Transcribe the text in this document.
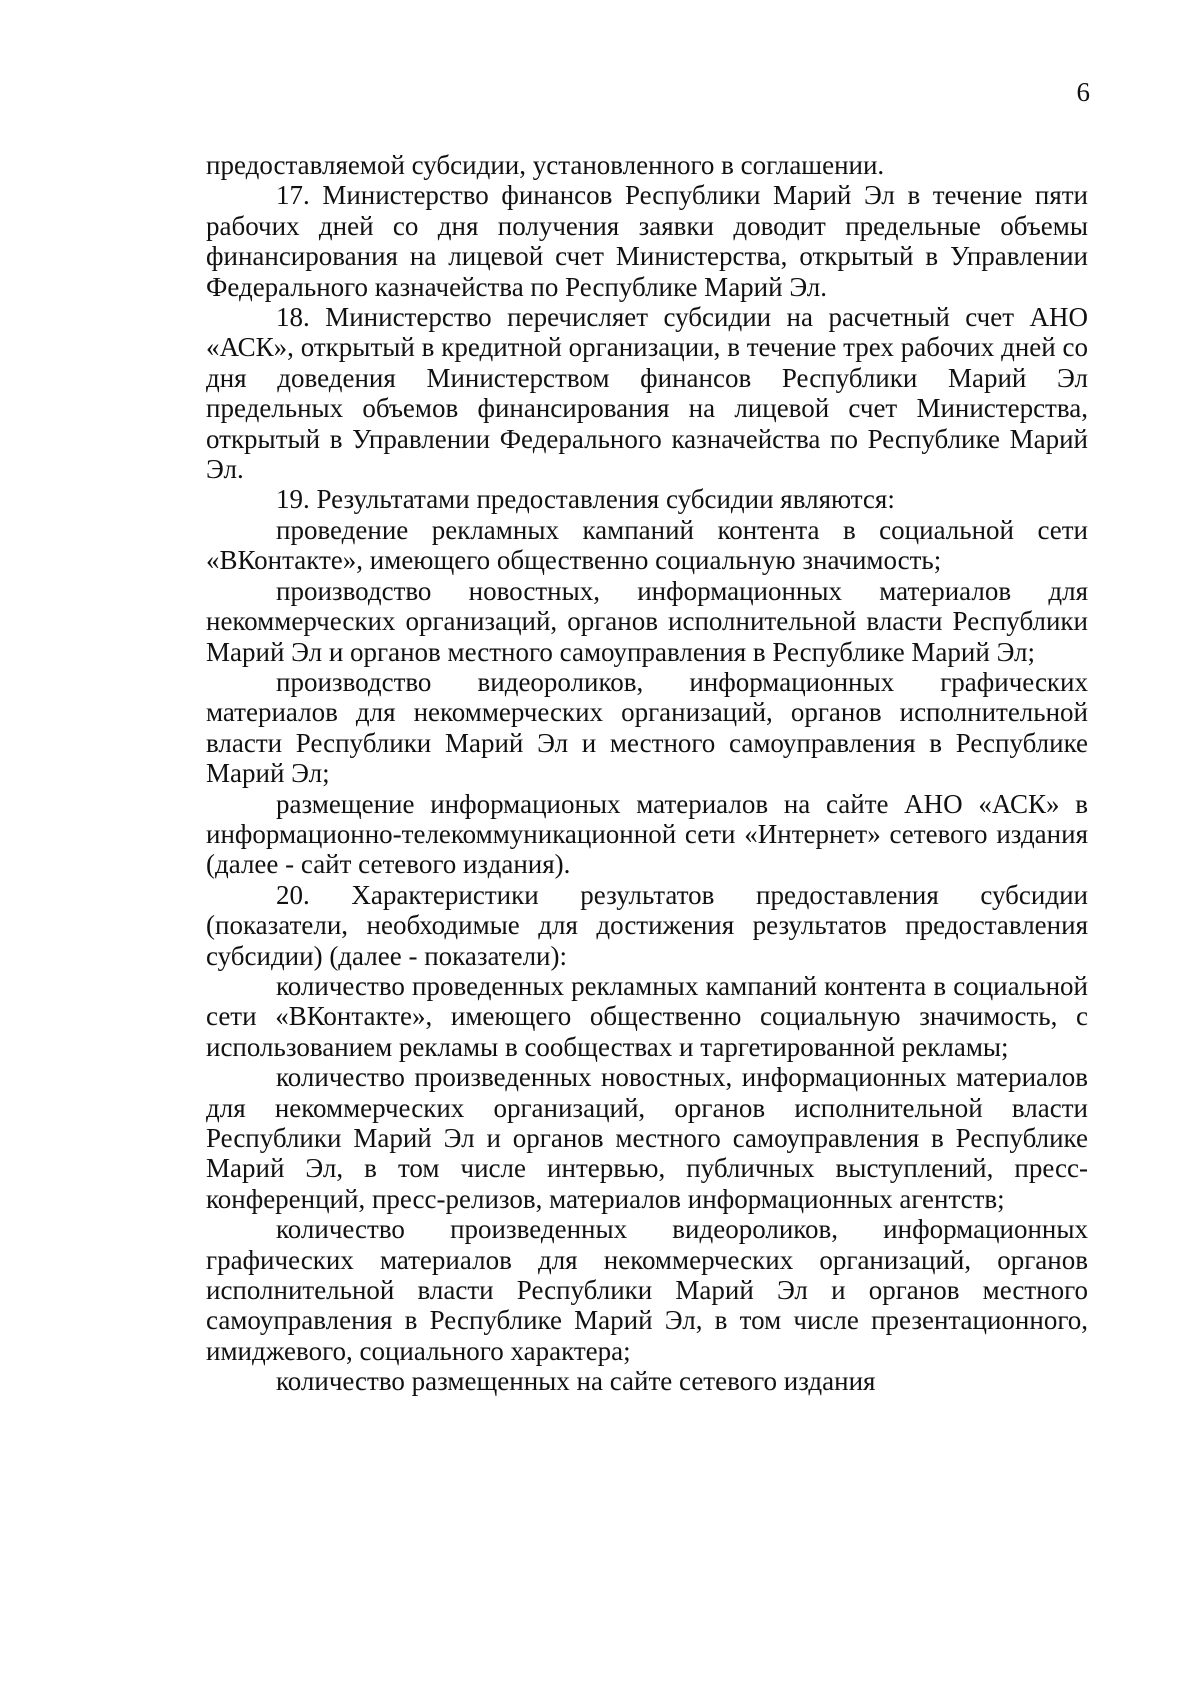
6

предоставляемой субсидии, установленного в соглашении.

17. Министерство финансов Республики Марий Эл в течение пяти рабочих дней со дня получения заявки доводит предельные объемы финансирования на лицевой счет Министерства, открытый в Управлении Федерального казначейства по Республике Марий Эл.

18. Министерство перечисляет субсидии на расчетный счет АНО «АСК», открытый в кредитной организации, в течение трех рабочих дней со дня доведения Министерством финансов Республики Марий Эл предельных объемов финансирования на лицевой счет Министерства, открытый в Управлении Федерального казначейства по Республике Марий Эл.

19. Результатами предоставления субсидии являются:

проведение рекламных кампаний контента в социальной сети «ВКонтакте», имеющего общественно социальную значимость;

производство новостных, информационных материалов для некоммерческих организаций, органов исполнительной власти Республики Марий Эл и органов местного самоуправления в Республике Марий Эл;

производство видеороликов, информационных графических материалов для некоммерческих организаций, органов исполнительной власти Республики Марий Эл и местного самоуправления в Республике Марий Эл;

размещение информационых материалов на сайте АНО «АСК» в информационно-телекоммуникационной сети «Интернет» сетевого издания (далее - сайт сетевого издания).

20. Характеристики результатов предоставления субсидии (показатели, необходимые для достижения результатов предоставления субсидии) (далее - показатели):

количество проведенных рекламных кампаний контента в социальной сети «ВКонтакте», имеющего общественно социальную значимость, с использованием рекламы в сообществах и таргетированной рекламы;

количество произведенных новостных, информационных материалов для некоммерческих организаций, органов исполнительной власти Республики Марий Эл и органов местного самоуправления в Республике Марий Эл, в том числе интервью, публичных выступлений, пресс-конференций, пресс-релизов, материалов информационных агентств;

количество произведенных видеороликов, информационных графических материалов для некоммерческих организаций, органов исполнительной власти Республики Марий Эл и органов местного самоуправления в Республике Марий Эл, в том числе презентационного, имиджевого, социального характера;

количество размещенных на сайте сетевого издания
